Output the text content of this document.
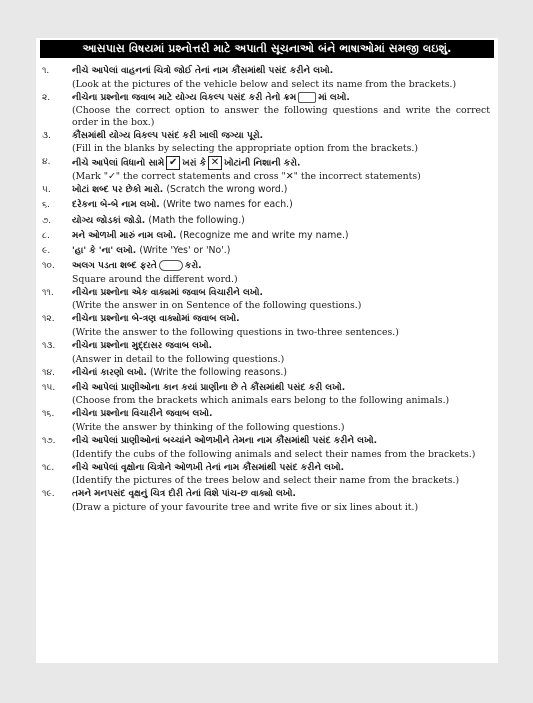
આસપાસ વિષયમાં પ્રશ્નોત્તરી માટે અપાતી સૂચનાઓ બંને ભાષાઓમાં સમજી લઇશું.
૧.	નીચે આપેલાં વાહનનાં ચિત્રો જોઈ તેનાં નામ કૌંસમાંથી પસંદ કરીને લખો.
(Look at the pictures of the vehicle below and select its name from the brackets.)
૨.	નીચેના પ્રશ્નોના જવાબ માટે યોગ્ય વિકલ્પ પસંદ કરી તેનો ક્રમ માં લખો.
(Choose the correct option to answer the following questions and write the correct order in the box.)
૩.	કૌંસમાંથી યોગ્ય વિકલ્પ પસંદ કરી ખાલી જગ્યા પૂરો.
(Fill in the blanks by selecting the appropriate option from the brackets.)
૪.	નીચે આપેલાં વિધાનો સામે ✔ ખરાં કે ✕ ખોટાંની નિશાની કરો.
(Mark "✓" the correct statements and cross "✕" the incorrect statements)
૫.	ખોટાં શબ્દ પર છેકો મારો. (Scratch the wrong word.)
૬.	દરેકના બે-બે નામ લખો. (Write two names for each.)
૭.	યોગ્ય જોડકાં જોડો. (Math the following.)
૮.	મને ઓળખી મારું નામ લખો. (Recognize me and write my name.)
૯.	'હા' કે 'ના' લખો. (Write 'Yes' or 'No'.)
૧૦.	અલગ પડતા શબ્દ ફરતે	કરો.
Square around the different word.)
૧૧.	નીચેના પ્રશ્નોના એક વાક્યમાં જવાબ વિચારીને લખો.
(Write the answer in on Sentence of the following questions.)
૧૨.	નીચેના પ્રશ્નોના બે-ત્રણ વાક્યોમાં જવાબ લખો.
(Write the answer to the following questions in two-three sentences.)
૧૩.	નીચેના પ્રશ્નોના મુદ્દાસર જવાબ લખો.
(Answer in detail to the following questions.)
૧૪.	નીચેનાં કારણો લખો. (Write the following reasons.)
૧૫.	નીચે આપેલાં પ્રાણીઓના કાન કયાં પ્રાણીના છે તે કૌંસમાંથી પસંદ કરી લખો.
(Choose from the brackets which animals ears belong to the following animals.)
૧૬.	નીચેના પ્રશ્નોના વિચારીને જવાબ લખો.
(Write the answer by thinking of the following questions.)
૧૭.	નીચે આપેલાં પ્રાણીઓનાં બચ્ચાંને ઓળખીને તેમના નામ કૌંસમાંથી પસંદ કરીને લખો.
(Identify the cubs of the following animals and select their names from the brackets.)
૧૮.	નીચે આપેલાં વૃક્ષોના ચિત્રોને ઓળખી તેનાં નામ કૌંસમાંથી પસંદ કરીને લખો.
(Identify the pictures of the trees below and select their name from the brackets.)
૧૯.	તમને મનપસંદ વૃક્ષનું ચિત્ર દોરી તેનાં વિશે પાંચ-છ વાક્યો લખો.
(Draw a picture of your favourite tree and write five or six lines about it.)
